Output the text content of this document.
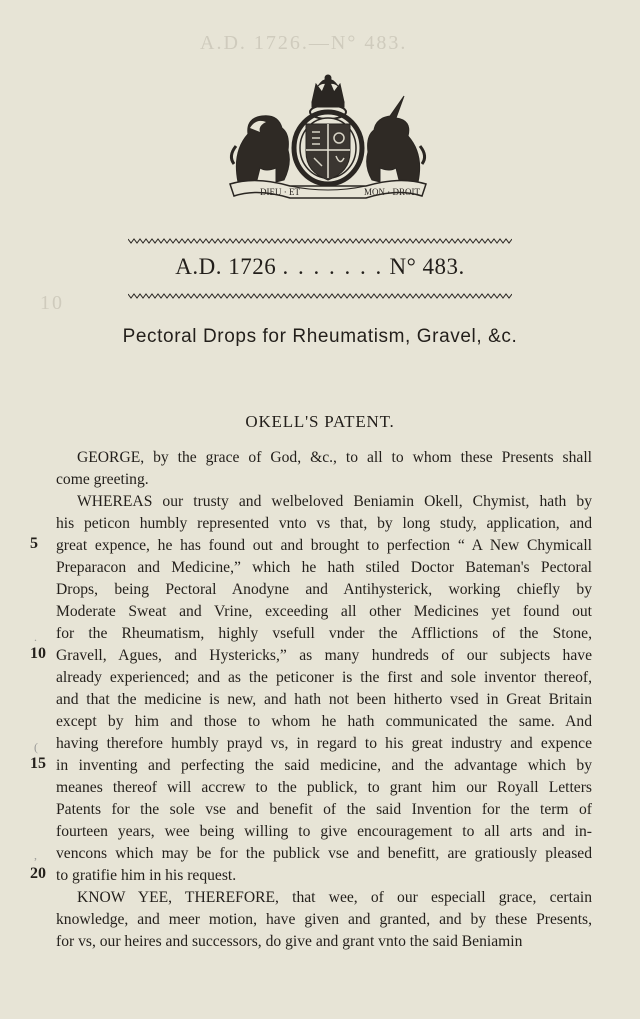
A.D. 1726.—N° 483.
10
DIEU · ET	MON · DROIT
A.D. 1726 . . . . . . . N° 483.
Pectoral Drops for Rheumatism, Gravel, &c.
OKELL'S PATENT.
GEORGE, by the grace of God, &c., to all to whom these Presents shall
come greeting.
WHEREAS our trusty and welbeloved Beniamin Okell, Chymist, hath by
his peticon humbly represented vnto vs that, by long study, application, and
great expence, he has found out and brought to perfection “ A New Chymicall
Preparacon and Medicine,” which he hath stiled Doctor Bateman's Pectoral
Drops, being Pectoral Anodyne and Antihysterick, working chiefly by
Moderate Sweat and Vrine, exceeding all other Medicines yet found out
for the Rheumatism, highly vsefull vnder the Afflictions of the Stone,
Gravell, Agues, and Hystericks,” as many hundreds of our subjects have
already experienced; and as the peticoner is the first and sole inventor thereof,
and that the medicine is new, and hath not been hitherto vsed in Great Britain
except by him and those to whom he hath communicated the same. And
having therefore humbly prayd vs, in regard to his great industry and expence
in inventing and perfecting the said medicine, and the advantage which by
meanes thereof will accrew to the publick, to grant him our Royall Letters
Patents for the sole vse and benefit of the said Invention for the term of
fourteen years, wee being willing to give encouragement to all arts and in-
vencons which may be for the publick vse and benefitt, are gratiously pleased
to gratifie him in his request.
KNOW YEE, THEREFORE, that wee, of our especiall grace, certain
knowledge, and meer motion, have given and granted, and by these Presents,
for vs, our heires and successors, do give and grant vnto the said Beniamin
5
10
15
20
.
(
,
